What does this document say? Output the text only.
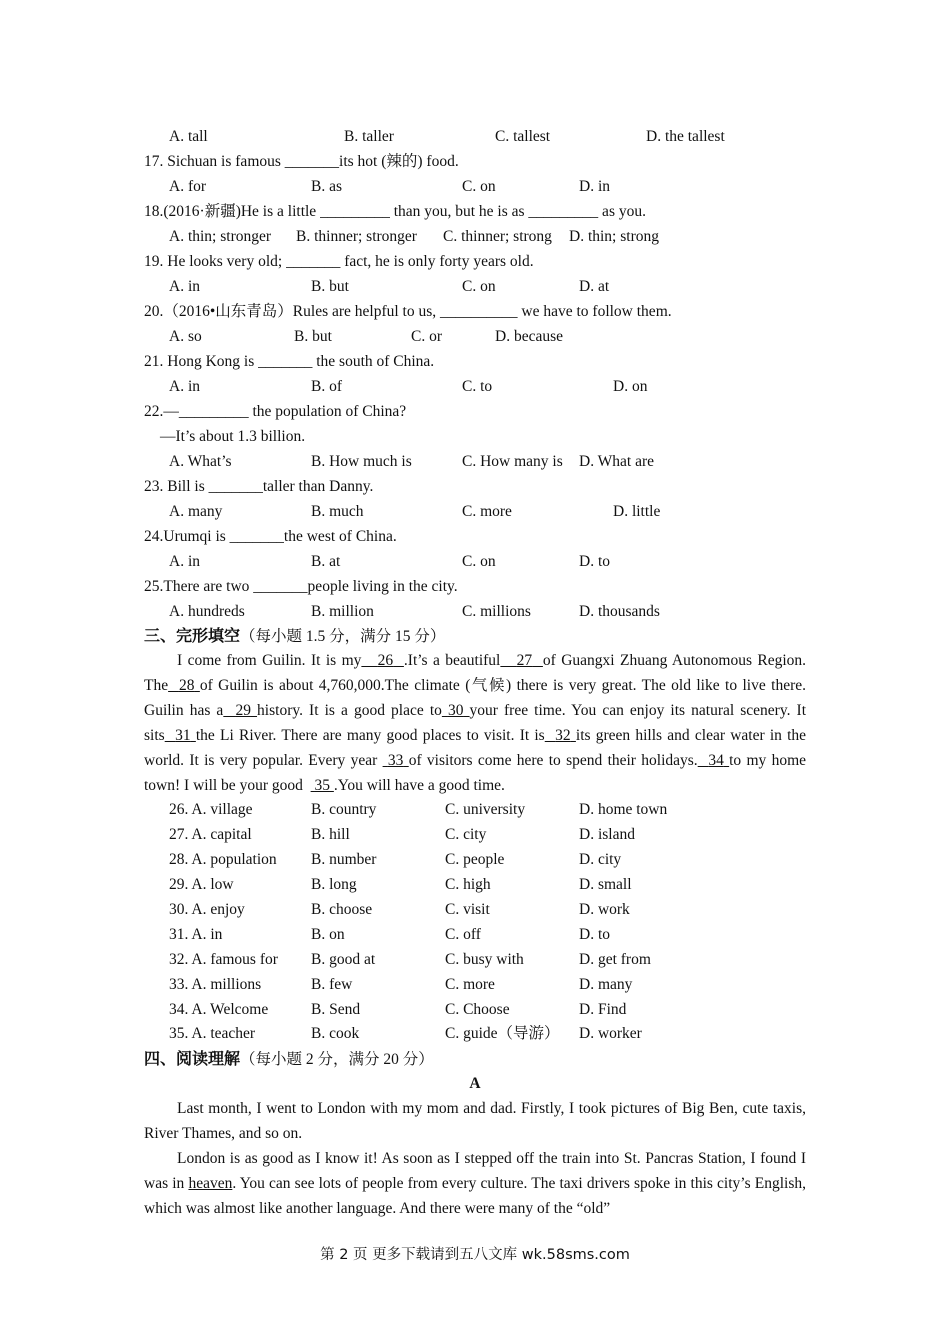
A. tall	B. taller	C. tallest	D. the tallest
17. Sichuan is famous _______its hot (辣的) food.
A. for	B. as	C. on	D. in
18.(2016·新疆)He is a little _________ than you, but he is as _________ as you.
A. thin; stronger B. thinner; stronger C. thinner; strong D. thin; strong
19. He looks very old; _______ fact, he is only forty years old.
A. in	B. but	C. on	D. at
20.（2016•山东青岛）Rules are helpful to us, __________ we have to follow them.
A. so	B. but	C. or	D. because
21. Hong Kong is _______ the south of China.
A. in	B. of	C. to	D. on
22.—_________ the population of China?
—It’s about 1.3 billion.
A. What’s	B. How much is	C. How many is D. What are
23. Bill is _______taller than Danny.
A. many	B. much	C. more	D. little
24.Urumqi is _______the west of China.
A. in	B. at	C. on	D. to
25.There are two _______people living in the city.
A. hundreds	B. million	C. millions	D. thousands
三、完形填空（每小题 1.5 分，满分 15 分）

I come from Guilin. It is my 26 .It’s a beautiful 27 of Guangxi Zhuang Autonomous Region. The 28 of Guilin is about 4,760,000.The climate (气候) there is very great. The old like to live there. Guilin has a 29 history. It is a good place to 30 your free time. You can enjoy its natural scenery. It sits 31 the Li River. There are many good places to visit. It is 32 its green hills and clear water in the world. It is very popular. Every year 33 of visitors come here to spend their holidays. 34 to my home town! I will be your good 35 .You will have a good time.

26. A. village	B. country	C. university	D. home town
27. A. capital	B. hill	C. city	D. island
28. A. population B. number	C. people	D. city
29. A. low	B. long	C. high	D. small
30. A. enjoy	B. choose	C. visit	D. work
31. A. in	B. on	C. off	D. to
32. A. famous for B. good at	C. busy with	D. get from
33. A. millions	B. few	C. more	D. many
34. A. Welcome	B. Send	C. Choose	D. Find
35. A. teacher	B. cook	C. guide（导游） D. worker
四、阅读理解（每小题 2 分，满分 20 分）
A

Last month, I went to London with my mom and dad. Firstly, I took pictures of Big Ben, cute taxis, River Thames, and so on.

London is as good as I know it! As soon as I stepped off the train into St. Pancras Station, I found I was in heaven. You can see lots of people from every culture. The taxi drivers spoke in this city’s English, which was almost like another language. And there were many of the “old”

第 2 页 更多下载请到五八文库 wk.58sms.com
